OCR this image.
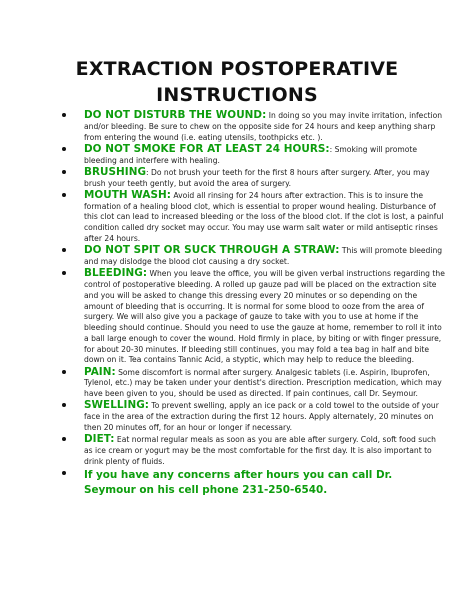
EXTRACTION POSTOPERATIVE
INSTRUCTIONS
DO NOT DISTURB THE WOUND: In doing so you may invite irritation, infection and/or bleeding. Be sure to chew on the opposite side for 24 hours and keep anything sharp from entering the wound (i.e. eating utensils, toothpicks etc. ).
DO NOT SMOKE FOR AT LEAST 24 HOURS:: Smoking will promote bleeding and interfere with healing.
BRUSHING: Do not brush your teeth for the first 8 hours after surgery. After, you may brush your teeth gently, but avoid the area of surgery.
MOUTH WASH: Avoid all rinsing for 24 hours after extraction. This is to insure the formation of a healing blood clot, which is essential to proper wound healing. Disturbance of this clot can lead to increased bleeding or the loss of the blood clot. If the clot is lost, a painful condition called dry socket may occur. You may use warm salt water or mild antiseptic rinses after 24 hours.
DO NOT SPIT OR SUCK THROUGH A STRAW: This will promote bleeding and may dislodge the blood clot causing a dry socket.
BLEEDING: When you leave the office, you will be given verbal instructions regarding the control of postoperative bleeding. A rolled up gauze pad will be placed on the extraction site and you will be asked to change this dressing every 20 minutes or so depending on the amount of bleeding that is occurring. It is normal for some blood to ooze from the area of surgery. We will also give you a package of gauze to take with you to use at home if the bleeding should continue. Should you need to use the gauze at home, remember to roll it into a ball large enough to cover the wound. Hold firmly in place, by biting or with finger pressure, for about 20-30 minutes. If bleeding still continues, you may fold a tea bag in half and bite down on it. Tea contains Tannic Acid, a styptic, which may help to reduce the bleeding.
PAIN: Some discomfort is normal after surgery. Analgesic tablets (i.e. Aspirin, Ibuprofen, Tylenol, etc.) may be taken under your dentist's direction. Prescription medication, which may have been given to you, should be used as directed. If pain continues, call Dr. Seymour.
SWELLING: To prevent swelling, apply an ice pack or a cold towel to the outside of your face in the area of the extraction during the first 12 hours. Apply alternately, 20 minutes on then 20 minutes off, for an hour or longer if necessary.
DIET: Eat normal regular meals as soon as you are able after surgery. Cold, soft food such as ice cream or yogurt may be the most comfortable for the first day. It is also important to drink plenty of fluids.
If you have any concerns after hours you can call Dr. Seymour on his cell phone 231-250-6540.
